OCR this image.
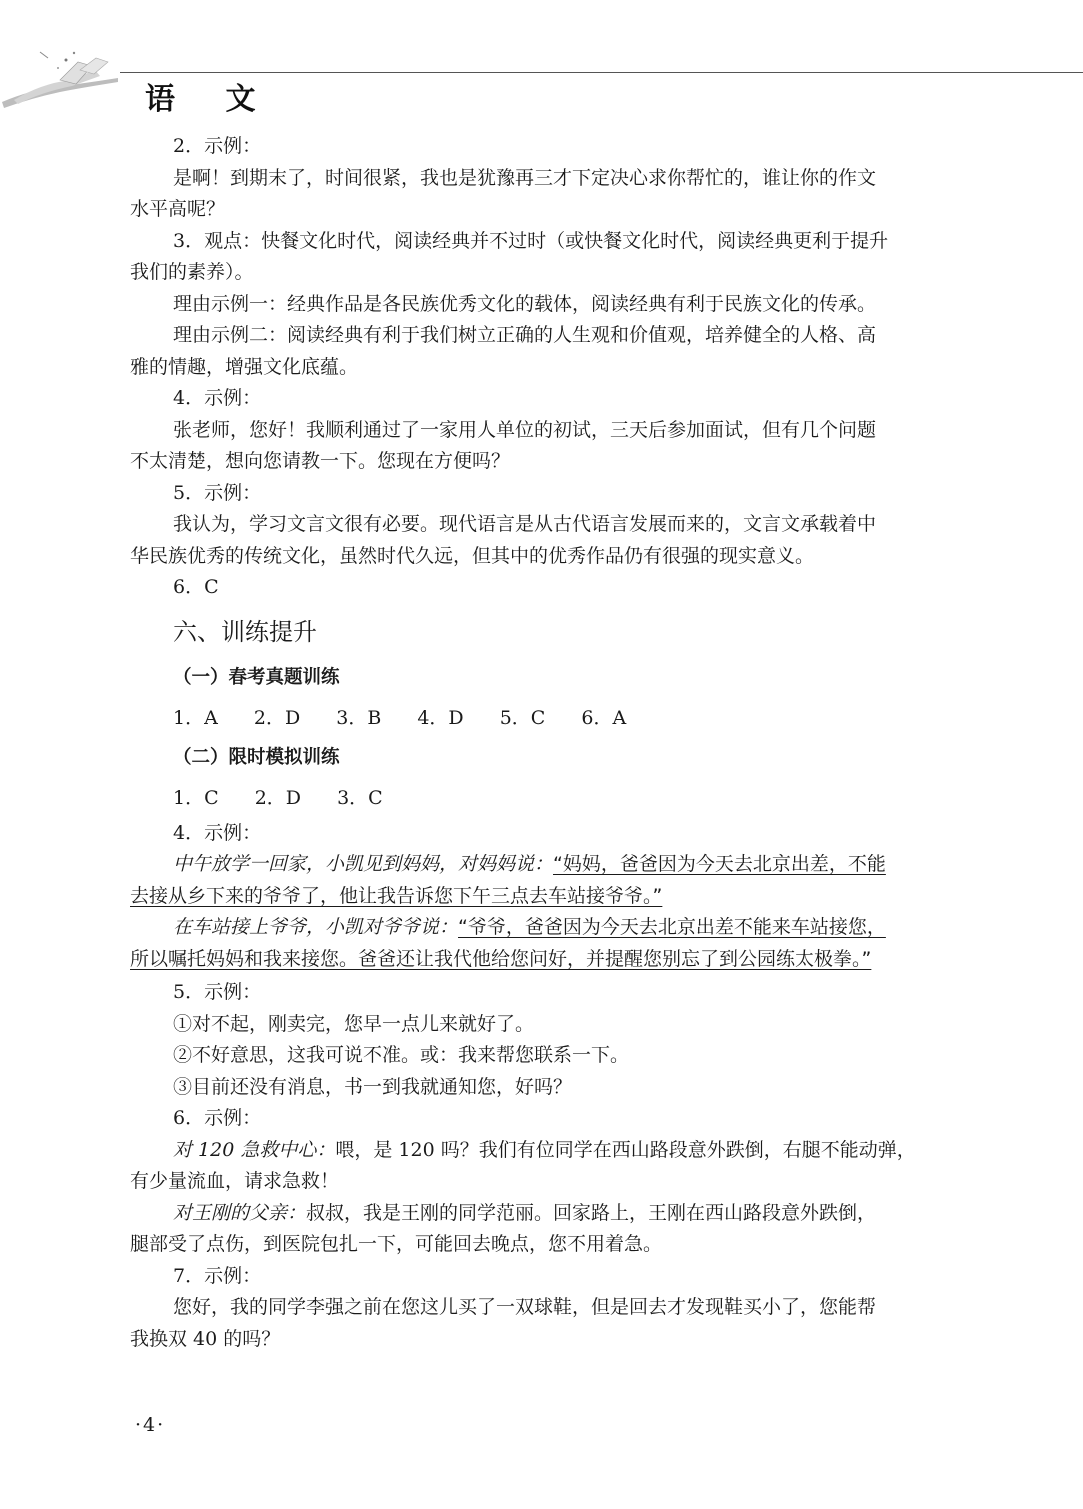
语 文
2．示例：
是啊！到期末了，时间很紧，我也是犹豫再三才下定决心求你帮忙的，谁让你的作文
水平高呢？
3．观点：快餐文化时代，阅读经典并不过时（或快餐文化时代，阅读经典更利于提升
我们的素养）。
理由示例一：经典作品是各民族优秀文化的载体，阅读经典有利于民族文化的传承。
理由示例二：阅读经典有利于我们树立正确的人生观和价值观，培养健全的人格、高
雅的情趣，增强文化底蕴。
4．示例：
张老师，您好！我顺利通过了一家用人单位的初试，三天后参加面试，但有几个问题
不太清楚，想向您请教一下。您现在方便吗？
5．示例：
我认为，学习文言文很有必要。现代语言是从古代语言发展而来的，文言文承载着中
华民族优秀的传统文化，虽然时代久远，但其中的优秀作品仍有很强的现实意义。
6．C
六、训练提升
（一）春考真题训练
1．A 2．D 3．B 4．D 5．C 6．A
（二）限时模拟训练
1．C 2．D 3．C
4．示例：
中午放学一回家，小凯见到妈妈，对妈妈说：“妈妈，爸爸因为今天去北京出差，不能
去接从乡下来的爷爷了，他让我告诉您下午三点去车站接爷爷。”
在车站接上爷爷，小凯对爷爷说：“爷爷，爸爸因为今天去北京出差不能来车站接您，
所以嘱托妈妈和我来接您。爸爸还让我代他给您问好，并提醒您别忘了到公园练太极拳。”
5．示例：
①对不起，刚卖完，您早一点儿来就好了。
②不好意思，这我可说不准。或：我来帮您联系一下。
③目前还没有消息，书一到我就通知您，好吗？
6．示例：
对 120 急救中心：喂，是 120 吗？我们有位同学在西山路段意外跌倒，右腿不能动弹，
有少量流血，请求急救！
对王刚的父亲：叔叔，我是王刚的同学范丽。回家路上，王刚在西山路段意外跌倒，
腿部受了点伤，到医院包扎一下，可能回去晚点，您不用着急。
7．示例：
您好，我的同学李强之前在您这儿买了一双球鞋，但是回去才发现鞋买小了，您能帮
我换双 40 的吗？
·4·
